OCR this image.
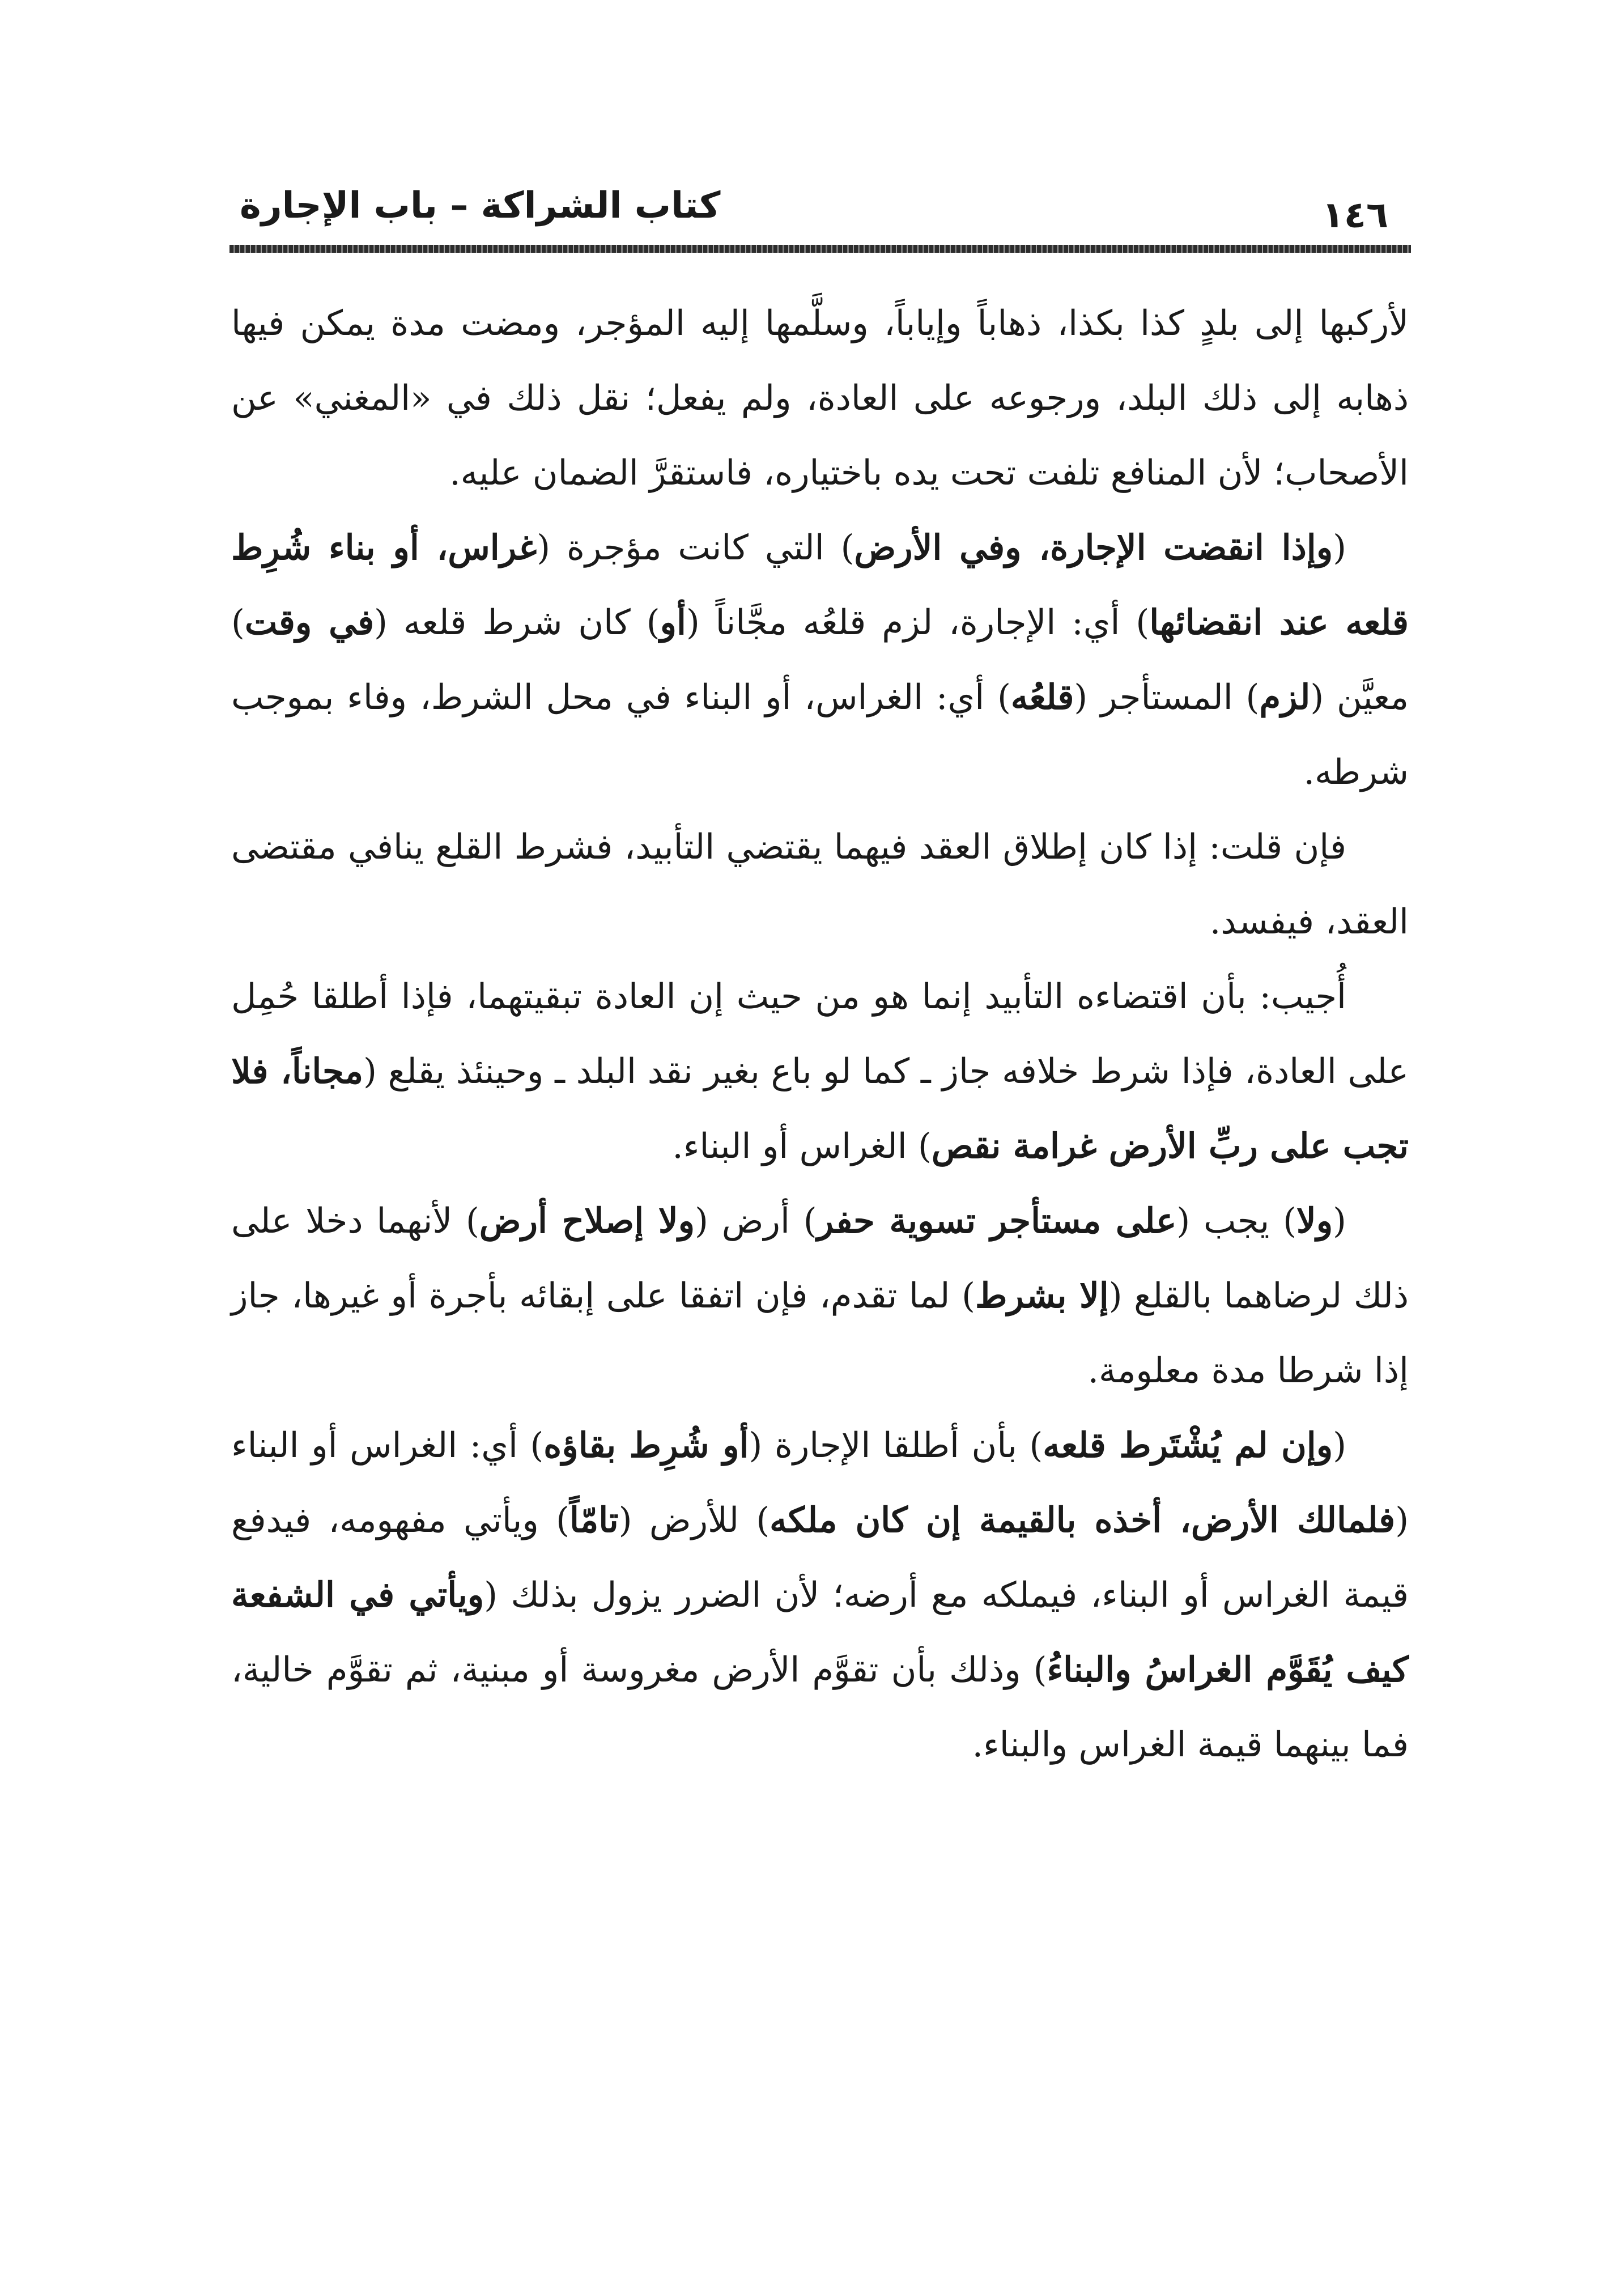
كتاب الشراكة – باب الإجارة	١٤٦

لأركبها إلى بلدٍ كذا بكذا، ذهاباً وإياباً، وسلَّمها إليه المؤجر، ومضت مدة يمكن فيها ذهابه إلى ذلك البلد، ورجوعه على العادة، ولم يفعل؛ نقل ذلك في «المغني» عن الأصحاب؛ لأن المنافع تلفت تحت يده باختياره، فاستقرَّ الضمان عليه.

(وإذا انقضت الإجارة، وفي الأرض) التي كانت مؤجرة (غراس، أو بناء شُرِط قلعه عند انقضائها) أي: الإجارة، لزم قلعُه مجَّاناً (أو) كان شرط قلعه (في وقت) معيَّن (لزم) المستأجر (قلعُه) أي: الغراس، أو البناء في محل الشرط، وفاء بموجب شرطه.

فإن قلت: إذا كان إطلاق العقد فيهما يقتضي التأبيد، فشرط القلع ينافي مقتضى العقد، فيفسد.

أُجيب: بأن اقتضاءه التأبيد إنما هو من حيث إن العادة تبقيتهما، فإذا أطلقا حُمِل على العادة، فإذا شرط خلافه جاز ـ كما لو باع بغير نقد البلد ـ وحينئذ يقلع (مجاناً، فلا تجب على ربِّ الأرض غرامة نقص) الغراس أو البناء.

(ولا) يجب (على مستأجر تسوية حفر) أرض (ولا إصلاح أرض) لأنهما دخلا على ذلك لرضاهما بالقلع (إلا بشرط) لما تقدم، فإن اتفقا على إبقائه بأجرة أو غيرها، جاز إذا شرطا مدة معلومة.

(وإن لم يُشْتَرط قلعه) بأن أطلقا الإجارة (أو شُرِط بقاؤه) أي: الغراس أو البناء (فلمالك الأرض، أخذه بالقيمة إن كان ملكه) للأرض (تامّاً) ويأتي مفهومه، فيدفع قيمة الغراس أو البناء، فيملكه مع أرضه؛ لأن الضرر يزول بذلك (ويأتي في الشفعة كيف يُقَوَّم الغراسُ والبناءُ) وذلك بأن تقوَّم الأرض مغروسة أو مبنية، ثم تقوَّم خالية، فما بينهما قيمة الغراس والبناء.
